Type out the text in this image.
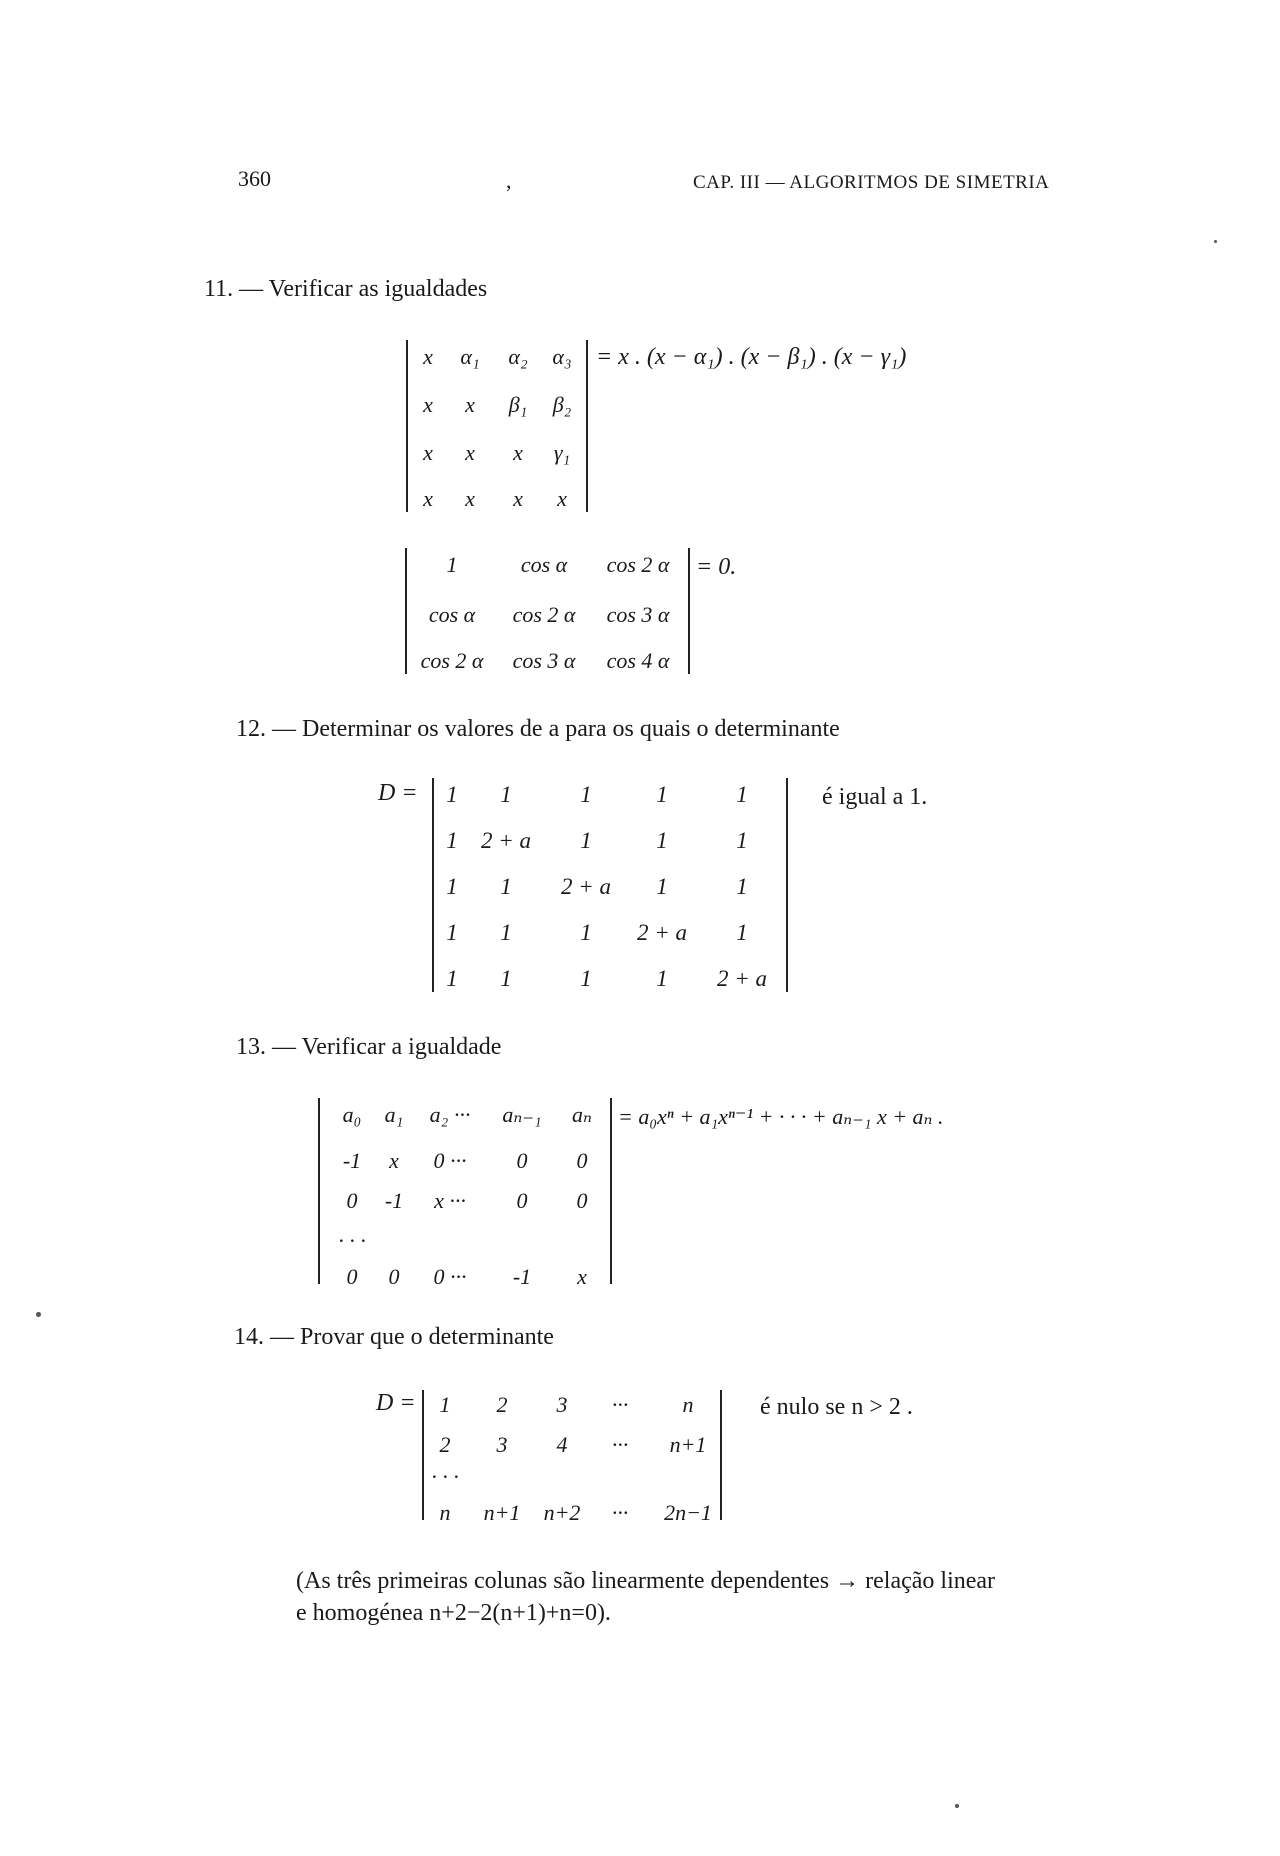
360	,	CAP. III — ALGORITMOS DE SIMETRIA
11. — Verificar as igualdades
x	α₁	α₂	α₃
x	x	β₁	β₂
x	x	x	γ₁
x	x	x	x
= x . (x − α₁) . (x − β₁) . (x − γ₁)
1	cos α	cos 2 α
cos α	cos 2 α	cos 3 α
cos 2 α	cos 3 α	cos 4 α
= 0.
12. — Determinar os valores de a para os quais o determinante
D =	1	1	1	1	1
1	2 + a	1	1	1
1	1	2 + a	1	1
1	1	1	2 + a	1
1	1	1	1	2 + a
é igual a 1.
13. — Verificar a igualdade
a₀	a₁	a₂ ···	aₙ₋₁	aₙ
-1	x	0 ···	0	0
0	-1	x ···	0	0
· · ·
0	0	0 ···	-1	x
= a₀xⁿ + a₁xⁿ⁻¹ + · · · + aₙ₋₁ x + aₙ .
14. — Provar que o determinante
D =	1	2	3	···	n
2	3	4	···	n+1
· · ·
n	n+1	n+2	···	2n−1
é nulo se n > 2 .
(As três primeiras colunas são linearmente dependentes → relação linear
e homogénea n+2−2(n+1)+n=0).
